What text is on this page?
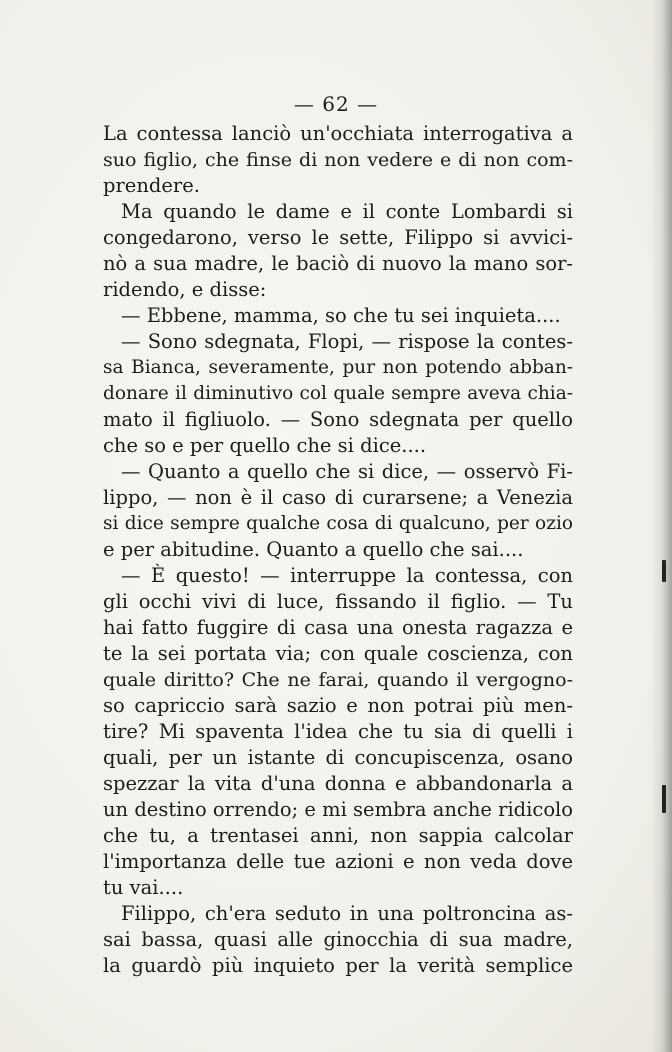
— 62 —
La contessa lanciò un'occhiata interrogativa a
suo figlio, che finse di non vedere e di non com-
prendere.
Ma quando le dame e il conte Lombardi si
congedarono, verso le sette, Filippo si avvici-
nò a sua madre, le baciò di nuovo la mano sor-
ridendo, e disse:
— Ebbene, mamma, so che tu sei inquieta....
— Sono sdegnata, Flopi, — rispose la contes-
sa Bianca, severamente, pur non potendo abban-
donare il diminutivo col quale sempre aveva chia-
mato il figliuolo. — Sono sdegnata per quello
che so e per quello che si dice....
— Quanto a quello che si dice, — osservò Fi-
lippo, — non è il caso di curarsene; a Venezia
si dice sempre qualche cosa di qualcuno, per ozio
e per abitudine. Quanto a quello che sai....
— È questo! — interruppe la contessa, con
gli occhi vivi di luce, fissando il figlio. — Tu
hai fatto fuggire di casa una onesta ragazza e
te la sei portata via; con quale coscienza, con
quale diritto? Che ne farai, quando il vergogno-
so capriccio sarà sazio e non potrai più men-
tire? Mi spaventa l'idea che tu sia di quelli i
quali, per un istante di concupiscenza, osano
spezzar la vita d'una donna e abbandonarla a
un destino orrendo; e mi sembra anche ridicolo
che tu, a trentasei anni, non sappia calcolar
l'importanza delle tue azioni e non veda dove
tu vai....
Filippo, ch'era seduto in una poltroncina as-
sai bassa, quasi alle ginocchia di sua madre,
la guardò più inquieto per la verità semplice
